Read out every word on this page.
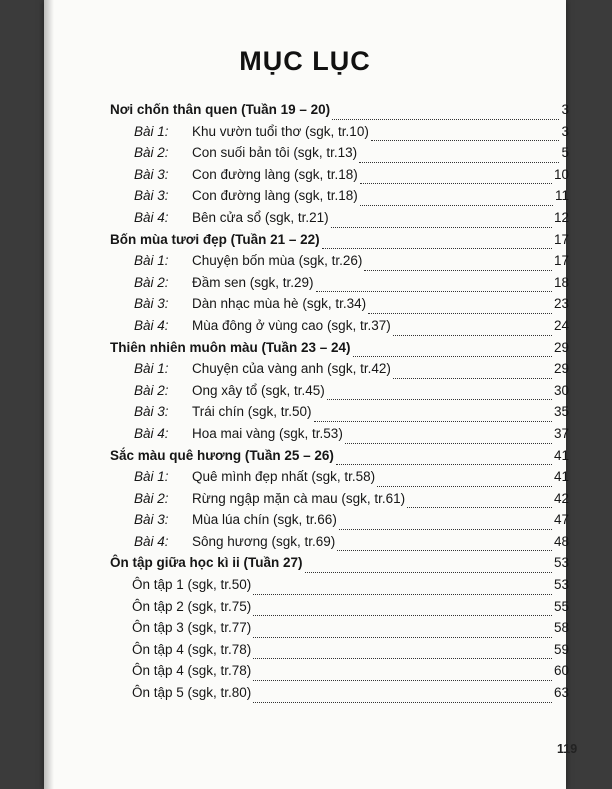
MỤC LỤC
Nơi chốn thân quen (Tuần 19 – 20)	3
Bài 1:	Khu vườn tuổi thơ (sgk, tr.10)	3
Bài 2:	Con suối bản tôi (sgk, tr.13)	5
Bài 3:	Con đường làng (sgk, tr.18)	10
Bài 3:	Con đường làng (sgk, tr.18)	11
Bài 4:	Bên cửa sổ (sgk, tr.21)	12
Bốn mùa tươi đẹp (Tuần 21 – 22)	17
Bài 1:	Chuyện bốn mùa (sgk, tr.26)	17
Bài 2:	Đầm sen (sgk, tr.29)	18
Bài 3:	Dàn nhạc mùa hè (sgk, tr.34)	23
Bài 4:	Mùa đông ở vùng cao (sgk, tr.37)	24
Thiên nhiên muôn màu (Tuần 23 – 24)	29
Bài 1:	Chuyện của vàng anh (sgk, tr.42)	29
Bài 2:	Ong xây tổ (sgk, tr.45)	30
Bài 3:	Trái chín (sgk, tr.50)	35
Bài 4:	Hoa mai vàng (sgk, tr.53)	37
Sắc màu quê hương (Tuần 25 – 26)	41
Bài 1:	Quê mình đẹp nhất (sgk, tr.58)	41
Bài 2:	Rừng ngập mặn cà mau (sgk, tr.61)	42
Bài 3:	Mùa lúa chín (sgk, tr.66)	47
Bài 4:	Sông hương (sgk, tr.69)	48
Ôn tập giữa học kì ii (Tuần 27)	53
Ôn tập 1 (sgk, tr.50)	53
Ôn tập 2 (sgk, tr.75)	55
Ôn tập 3 (sgk, tr.77)	58
Ôn tập 4 (sgk, tr.78)	59
Ôn tập 4 (sgk, tr.78)	60
Ôn tập 5 (sgk, tr.80)	63
119
